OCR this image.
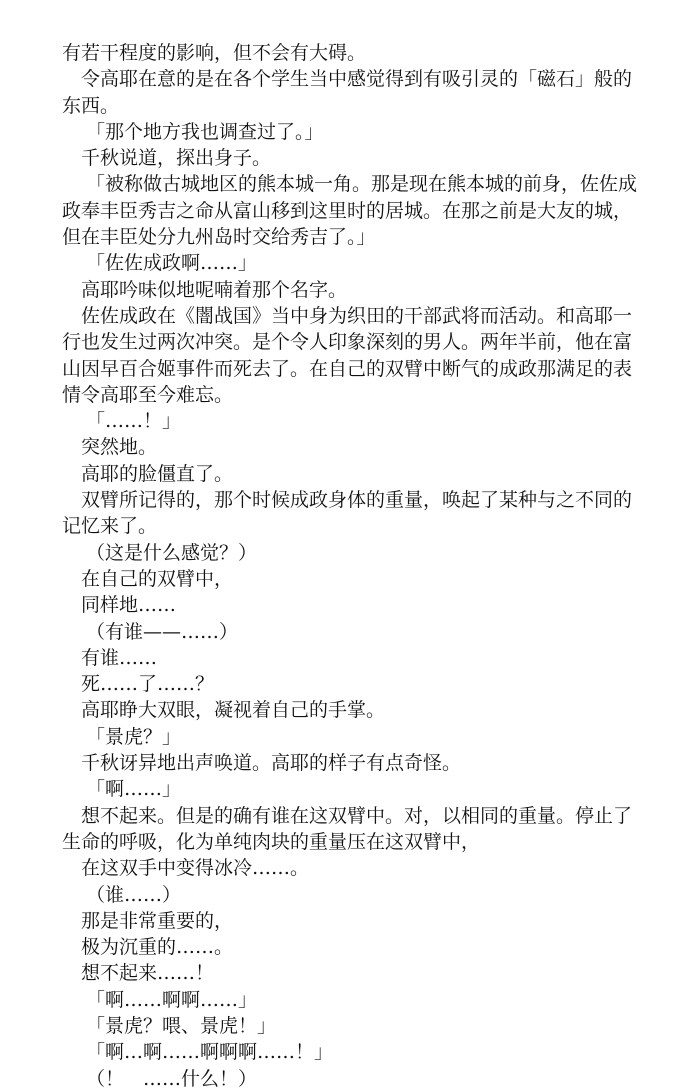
有若干程度的影响，但不会有大碍。

令高耶在意的是在各个学生当中感觉得到有吸引灵的「磁石」般的东西。

「那个地方我也调查过了。」

千秋说道，探出身子。

「被称做古城地区的熊本城一角。那是现在熊本城的前身，佐佐成政奉丰臣秀吉之命从富山移到这里时的居城。在那之前是大友的城，但在丰臣处分九州岛时交给秀吉了。」

「佐佐成政啊……」

高耶吟味似地呢喃着那个名字。

佐佐成政在《闇战国》当中身为织田的干部武将而活动。和高耶一行也发生过两次冲突。是个令人印象深刻的男人。两年半前，他在富山因早百合姬事件而死去了。在自己的双臂中断气的成政那满足的表情令高耶至今难忘。

「……！」

突然地。

高耶的脸僵直了。

双臂所记得的，那个时候成政身体的重量，唤起了某种与之不同的记忆来了。

（这是什么感觉？）

在自己的双臂中，

同样地……

（有谁——……）

有谁……

死……了……？

高耶睁大双眼，凝视着自己的手掌。

「景虎？」

千秋讶异地出声唤道。高耶的样子有点奇怪。

「啊……」

想不起来。但是的确有谁在这双臂中。对，以相同的重量。停止了生命的呼吸，化为单纯肉块的重量压在这双臂中，

在这双手中变得冰冷……。

（谁……）

那是非常重要的，

极为沉重的……。

想不起来……！

「啊……啊啊……」

「景虎？喂、景虎！」

「啊…啊……啊啊啊……！」

（！　……什么！）
